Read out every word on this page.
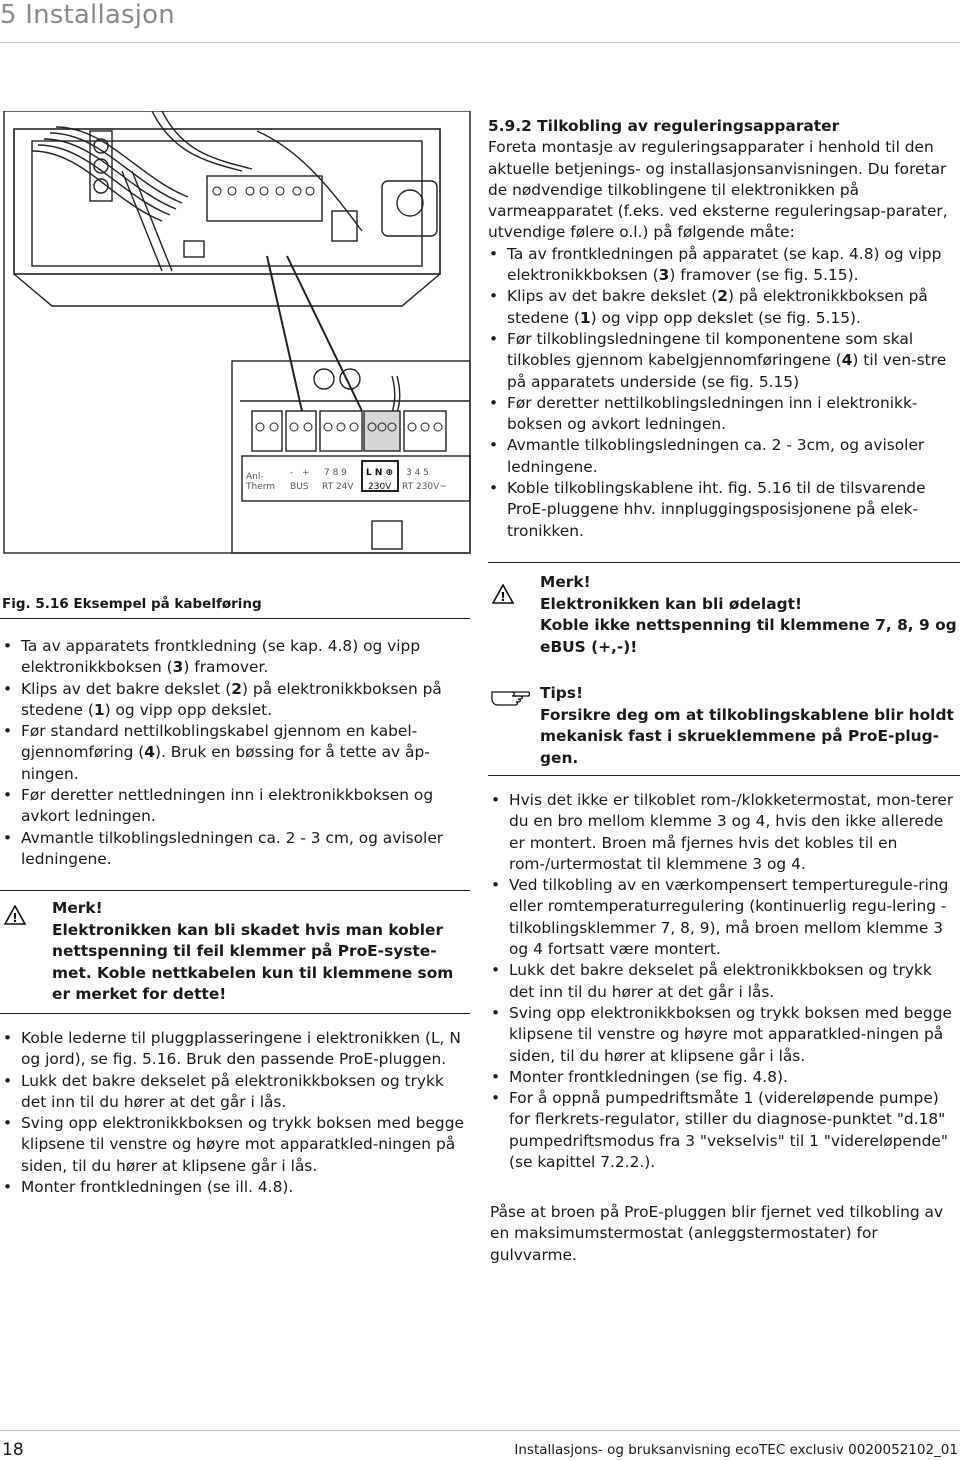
5 Installasjon
Anl-
Therm
- +
BUS
7 8 9
RT 24V
L N ⊕
230V
3 4 5
RT 230V~
Fig. 5.16 Eksempel på kabelføring
• Ta av apparatets frontkledning (se kap. 4.8) og vipp elektronikkboksen (3) framover.
• Klips av det bakre dekslet (2) på elektronikkboksen på stedene (1) og vipp opp dekslet.
• Før standard nettilkoblingskabel gjennom en kabel-gjennomføring (4). Bruk en bøssing for å tette av åp-ningen.
• Før deretter nettledningen inn i elektronikkboksen og avkort ledningen.
• Avmantle tilkoblingsledningen ca. 2 - 3 cm, og avisoler ledningene.
!
Merk!
Elektronikken kan bli skadet hvis man kobler nettspenning til feil klemmer på ProE-syste-met. Koble nettkabelen kun til klemmene som er merket for dette!
• Koble lederne til pluggplasseringene i elektronikken (L, N og jord), se fig. 5.16. Bruk den passende ProE-pluggen.
• Lukk det bakre dekselet på elektronikkboksen og trykk det inn til du hører at det går i lås.
• Sving opp elektronikkboksen og trykk boksen med begge klipsene til venstre og høyre mot apparatkled-ningen på siden, til du hører at klipsene går i lås.
• Monter frontkledningen (se ill. 4.8).
5.9.2 Tilkobling av reguleringsapparater
Foreta montasje av reguleringsapparater i henhold til den aktuelle betjenings- og installasjonsanvisningen. Du foretar de nødvendige tilkoblingene til elektronikken på varmeapparatet (f.eks. ved eksterne reguleringsap-parater, utvendige følere o.l.) på følgende måte:
• Ta av frontkledningen på apparatet (se kap. 4.8) og vipp elektronikkboksen (3) framover (se fig. 5.15).
• Klips av det bakre dekslet (2) på elektronikkboksen på stedene (1) og vipp opp dekslet (se fig. 5.15).
• Før tilkoblingsledningene til komponentene som skal tilkobles gjennom kabelgjennomføringene (4) til ven-stre på apparatets underside (se fig. 5.15)
• Før deretter nettilkoblingsledningen inn i elektronikk-boksen og avkort ledningen.
• Avmantle tilkoblingsledningen ca. 2 - 3cm, og avisoler ledningene.
• Koble tilkoblingskablene iht. fig. 5.16 til de tilsvarende ProE-pluggene hhv. innpluggingsposisjonene på elek-tronikken.
!
Merk!
Elektronikken kan bli ødelagt!
Koble ikke nettspenning til klemmene 7, 8, 9 og eBUS (+,-)!
Tips!
Forsikre deg om at tilkoblingskablene blir holdt mekanisk fast i skrueklemmene på ProE-plug-gen.
• Hvis det ikke er tilkoblet rom-/klokketermostat, mon-terer du en bro mellom klemme 3 og 4, hvis den ikke allerede er montert. Broen må fjernes hvis det kobles til en rom-/urtermostat til klemmene 3 og 4.
• Ved tilkobling av en værkompensert temperturegule-ring eller romtemperaturregulering (kontinuerlig regu-lering - tilkoblingsklemmer 7, 8, 9), må broen mellom klemme 3 og 4 fortsatt være montert.
• Lukk det bakre dekselet på elektronikkboksen og trykk det inn til du hører at det går i lås.
• Sving opp elektronikkboksen og trykk boksen med begge klipsene til venstre og høyre mot apparatkled-ningen på siden, til du hører at klipsene går i lås.
• Monter frontkledningen (se fig. 4.8).
• For å oppnå pumpedriftsmåte 1 (videreløpende pumpe) for flerkrets-regulator, stiller du diagnose-punktet "d.18" pumpedriftsmodus fra 3 "vekselvis" til 1 "videreløpende" (se kapittel 7.2.2.).
Påse at broen på ProE-pluggen blir fjernet ved tilkobling av en maksimumstermostat (anleggstermostater) for gulvvarme.
18	Installasjons- og bruksanvisning ecoTEC exclusiv 0020052102_01
